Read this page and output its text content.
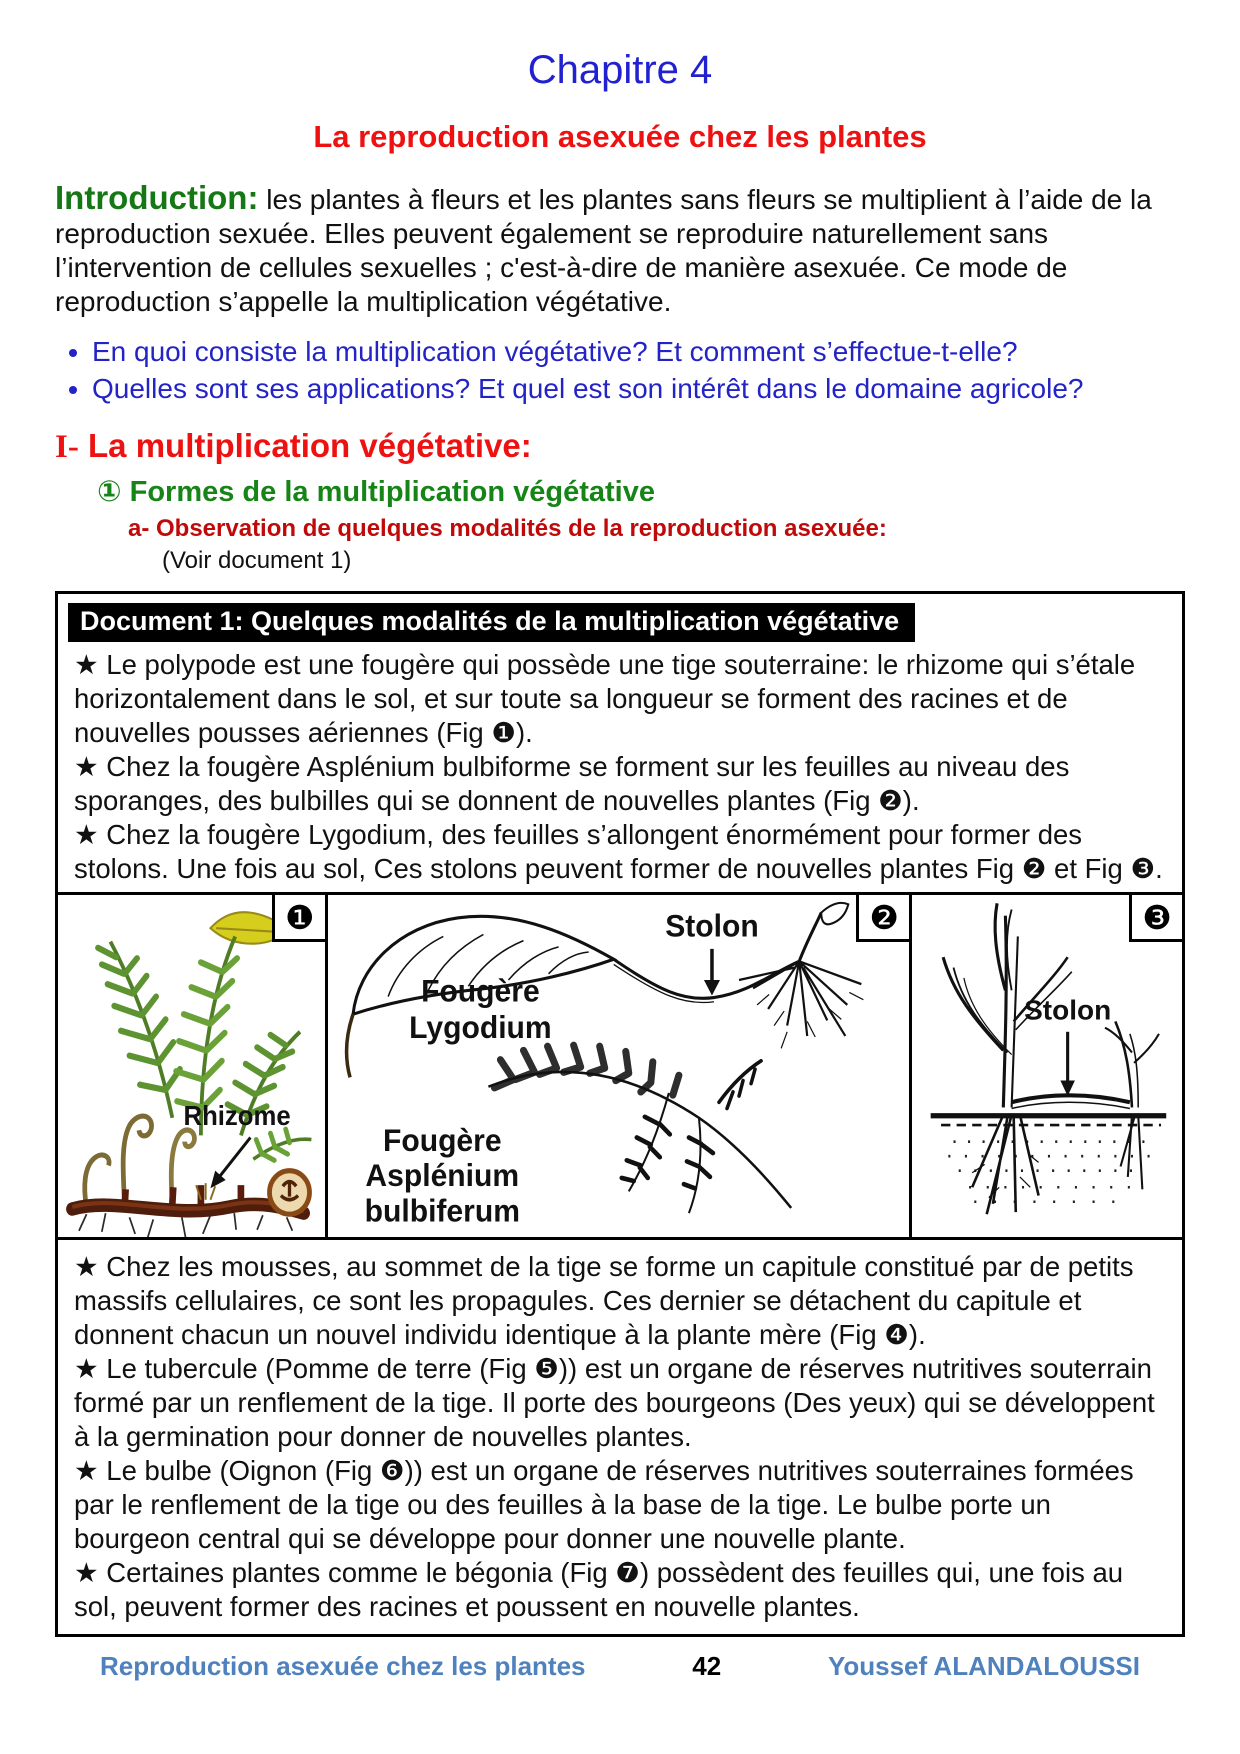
Chapitre 4
La reproduction asexuée chez les plantes

Introduction: les plantes à fleurs et les plantes sans fleurs se multiplient à l’aide de la reproduction sexuée. Elles peuvent également se reproduire naturellement sans l’intervention de cellules sexuelles ; c'est-à-dire de manière asexuée. Ce mode de reproduction s’appelle la multiplication végétative.

• En quoi consiste la multiplication végétative? Et comment s’effectue-t-elle?
• Quelles sont ses applications? Et quel est son intérêt dans le domaine agricole?
I- La multiplication végétative:
① Formes de la multiplication végétative
a- Observation de quelques modalités de la reproduction asexuée:
(Voir document 1)
Document 1: Quelques modalités de la multiplication végétative

★ Le polypode est une fougère qui possède une tige souterraine: le rhizome qui s’étale horizontalement dans le sol, et sur toute sa longueur se forment des racines et de nouvelles pousses aériennes (Fig ❶).

★ Chez la fougère Asplénium bulbiforme se forment sur les feuilles au niveau des sporanges, des bulbilles qui se donnent de nouvelles plantes (Fig ❷).

★ Chez la fougère Lygodium, des feuilles s’allongent énormément pour former des stolons. Une fois au sol, Ces stolons peuvent former de nouvelles plantes Fig ❷ et Fig ❸.

Rhizome
❶	Stolon
Fougère
Lygodium
Fougère
Asplénium
bulbiferum
❷
Stolon
❸

★ Chez les mousses, au sommet de la tige se forme un capitule constitué par de petits massifs cellulaires, ce sont les propagules. Ces dernier se détachent du capitule et donnent chacun un nouvel individu identique à la plante mère (Fig ❹).

★ Le tubercule (Pomme de terre (Fig ❺)) est un organe de réserves nutritives souterrain formé par un renflement de la tige. Il porte des bourgeons (Des yeux) qui se développent à la germination pour donner de nouvelles plantes.

★ Le bulbe (Oignon (Fig ❻)) est un organe de réserves nutritives souterraines formées par le renflement de la tige ou des feuilles à la base de la tige. Le bulbe porte un bourgeon central qui se développe pour donner une nouvelle plante.

★ Certaines plantes comme le bégonia (Fig ❼) possèdent des feuilles qui, une fois au sol, peuvent former des racines et poussent en nouvelle plantes.

Reproduction asexuée chez les plantes	42	Youssef ALANDALOUSSI
